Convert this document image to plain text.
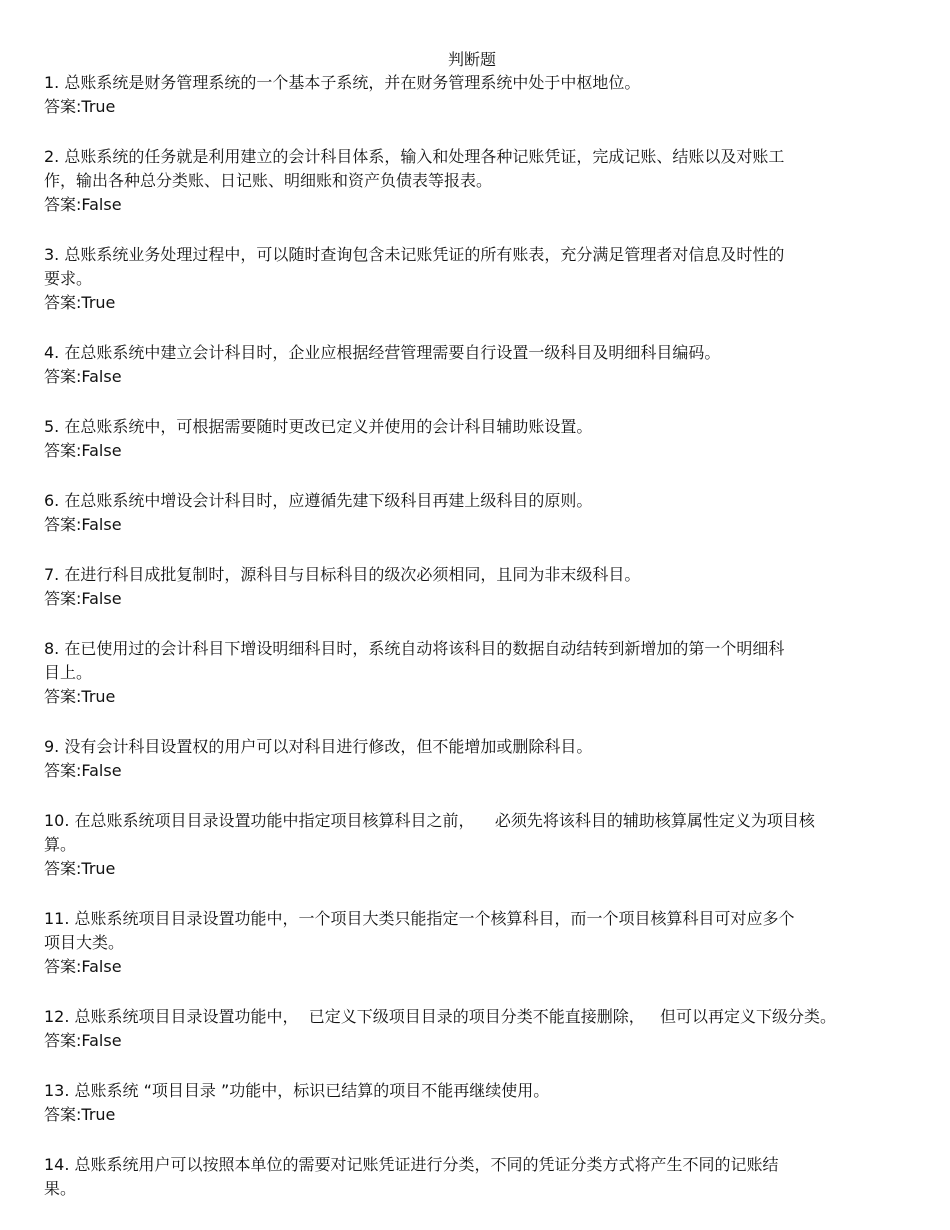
判断题
1. 总账系统是财务管理系统的一个基本子系统，并在财务管理系统中处于中枢地位。
答案:True
2. 总账系统的任务就是利用建立的会计科目体系，输入和处理各种记账凭证，完成记账、结账以及对账工
作，输出各种总分类账、日记账、明细账和资产负债表等报表。
答案:False
3. 总账系统业务处理过程中，可以随时查询包含未记账凭证的所有账表，充分满足管理者对信息及时性的
要求。
答案:True
4. 在总账系统中建立会计科目时，企业应根据经营管理需要自行设置一级科目及明细科目编码。
答案:False
5. 在总账系统中，可根据需要随时更改已定义并使用的会计科目辅助账设置。
答案:False
6. 在总账系统中增设会计科目时，应遵循先建下级科目再建上级科目的原则。
答案:False
7. 在进行科目成批复制时，源科目与目标科目的级次必须相同，且同为非末级科目。
答案:False
8. 在已使用过的会计科目下增设明细科目时，系统自动将该科目的数据自动结转到新增加的第一个明细科
目上。
答案:True
9. 没有会计科目设置权的用户可以对科目进行修改，但不能增加或删除科目。
答案:False
10. 在总账系统项目目录设置功能中指定项目核算科目之前，    必须先将该科目的辅助核算属性定义为项目核
算。
答案:True
11. 总账系统项目目录设置功能中，一个项目大类只能指定一个核算科目，而一个项目核算科目可对应多个
项目大类。
答案:False
12. 总账系统项目目录设置功能中，  已定义下级项目目录的项目分类不能直接删除，   但可以再定义下级分类。
答案:False
13. 总账系统 “项目目录 ”功能中，标识已结算的项目不能再继续使用。
答案:True
14. 总账系统用户可以按照本单位的需要对记账凭证进行分类，不同的凭证分类方式将产生不同的记账结
果。
